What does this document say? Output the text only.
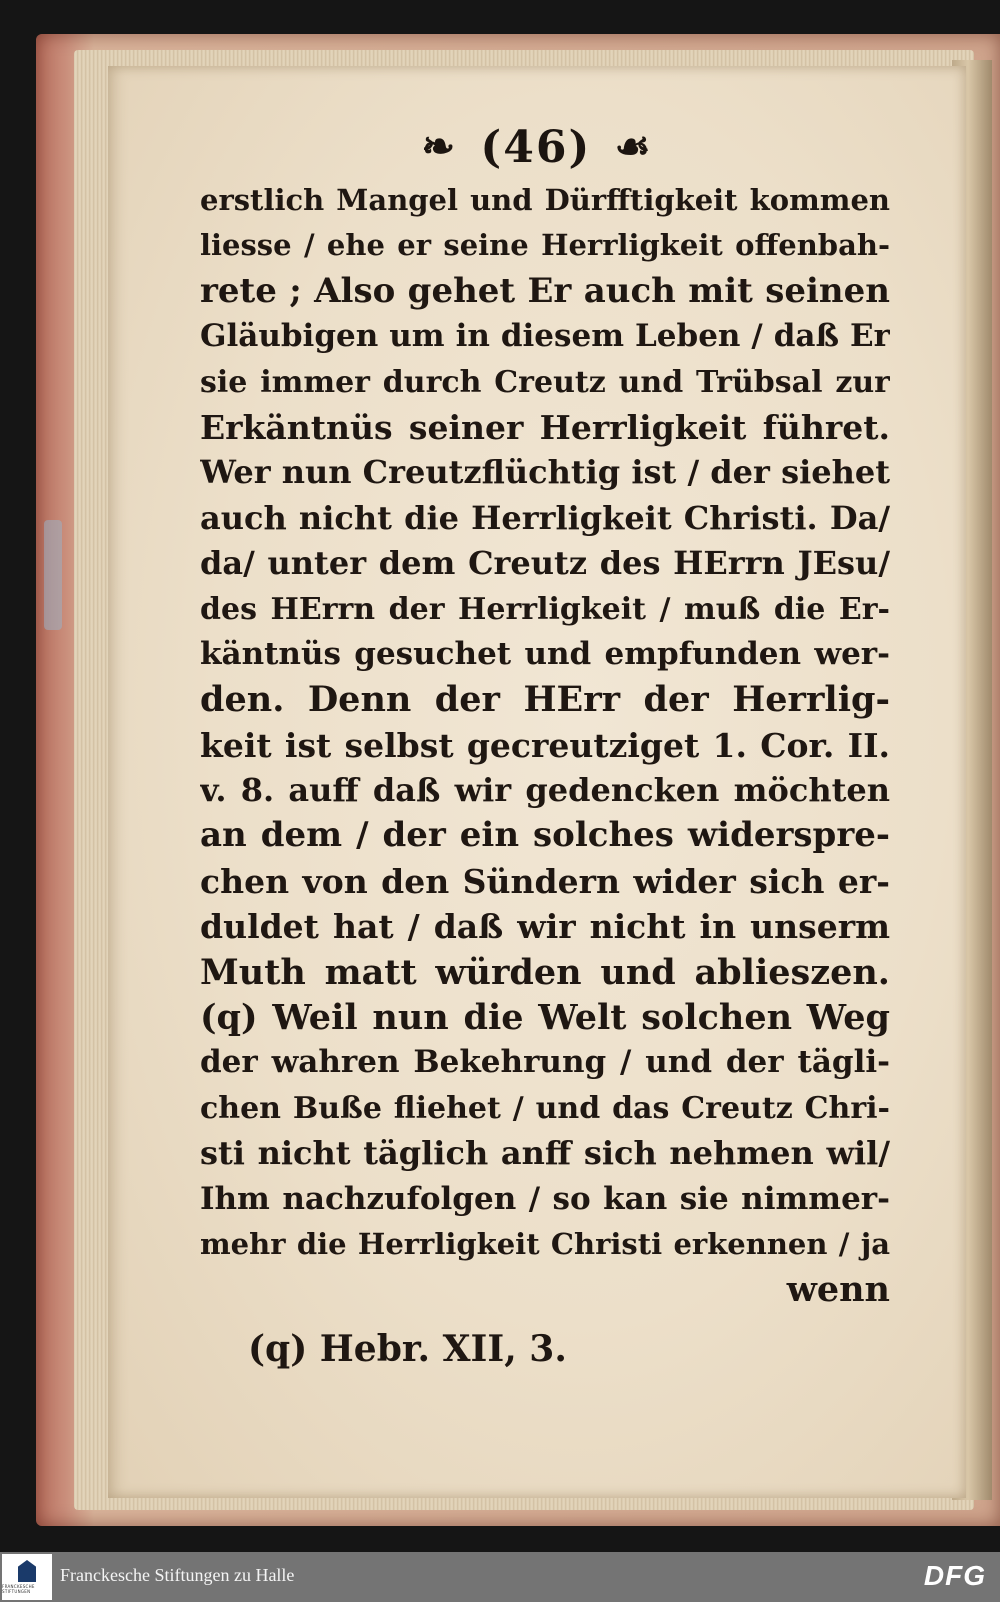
❧ (46) ☙
erstlich Mangel und Dürfftigkeit kommen
liesse / ehe er seine Herrligkeit offenbah-
rete ; Also gehet Er auch mit seinen
Gläubigen um in diesem Leben / daß Er
sie immer durch Creutz und Trübsal zur
Erkäntnüs seiner Herrligkeit führet.
Wer nun Creutzflüchtig ist / der siehet
auch nicht die Herrligkeit Christi. Da/
da/ unter dem Creutz des HErrn JEsu/
des HErrn der Herrligkeit / muß die Er-
käntnüs gesuchet und empfunden wer-
den. Denn der HErr der Herrlig-
keit ist selbst gecreutziget 1. Cor. II.
v. 8. auff daß wir gedencken möchten
an dem / der ein solches widerspre-
chen von den Sündern wider sich er-
duldet hat / daß wir nicht in unserm
Muth matt würden und ablieszen.
(q) Weil nun die Welt solchen Weg
der wahren Bekehrung / und der tägli-
chen Buße fliehet / und das Creutz Chri-
sti nicht täglich anff sich nehmen wil/
Ihm nachzufolgen / so kan sie nimmer-
mehr die Herrligkeit Christi erkennen / ja
wenn
(q) Hebr. XII, 3.
FRANCKESCHE STIFTUNGEN
Franckesche Stiftungen zu Halle	DFG
